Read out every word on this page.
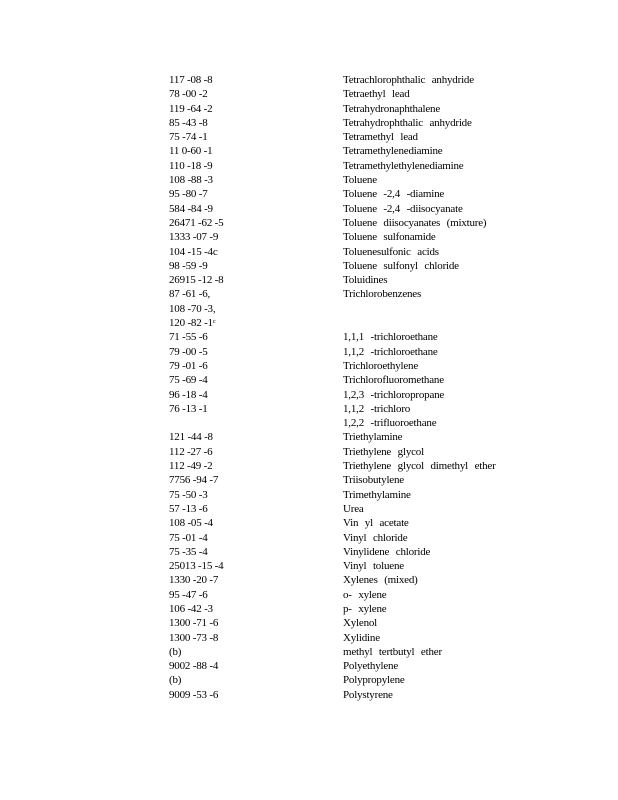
117 -08 -8	Tetrachlorophthalic anhydride
78 -00 -2	Tetraethyl lead
119 -64 -2	Tetrahydronaphthalene
85 -43 -8	Tetrahydrophthalic anhydride
75 -74 -1	Tetramethyl lead
11 0-60 -1	Tetramethylenediamine
110 -18 -9	Tetramethylethylenediamine
108 -88 -3	Toluene
95 -80 -7	Toluene -2,4 -diamine
584 -84 -9	Toluene -2,4 -diisocyanate
26471 -62 -5	Toluene diisocyanates (mixture)
1333 -07 -9	Toluene sulfonamide
104 -15 -4c	Toluenesulfonic acids
98 -59 -9	Toluene sulfonyl chloride
26915 -12 -8	Toluidines
87 -61 -6,	Trichlorobenzenes
108 -70 -3,
120 -82 -1ᶜ
71 -55 -6	1,1,1 -trichloroethane
79 -00 -5	1,1,2 -trichloroethane
79 -01 -6	Trichloroethylene
75 -69 -4	Trichlorofluoromethane
96 -18 -4	1,2,3 -trichloropropane
76 -13 -1	1,1,2 -trichloro
1,2,2 -trifluoroethane
121 -44 -8	Triethylamine
112 -27 -6	Triethylene glycol
112 -49 -2	Triethylene glycol dimethyl ether
7756 -94 -7	Triisobutylene
75 -50 -3	Trimethylamine
57 -13 -6	Urea
108 -05 -4	Vin yl acetate
75 -01 -4	Vinyl chloride
75 -35 -4	Vinylidene chloride
25013 -15 -4	Vinyl toluene
1330 -20 -7	Xylenes (mixed)
95 -47 -6	o- xylene
106 -42 -3	p- xylene
1300 -71 -6	Xylenol
1300 -73 -8	Xylidine
(b)	methyl tertbutyl ether
9002 -88 -4	Polyethylene
(b)	Polypropylene
9009 -53 -6	Polystyrene
